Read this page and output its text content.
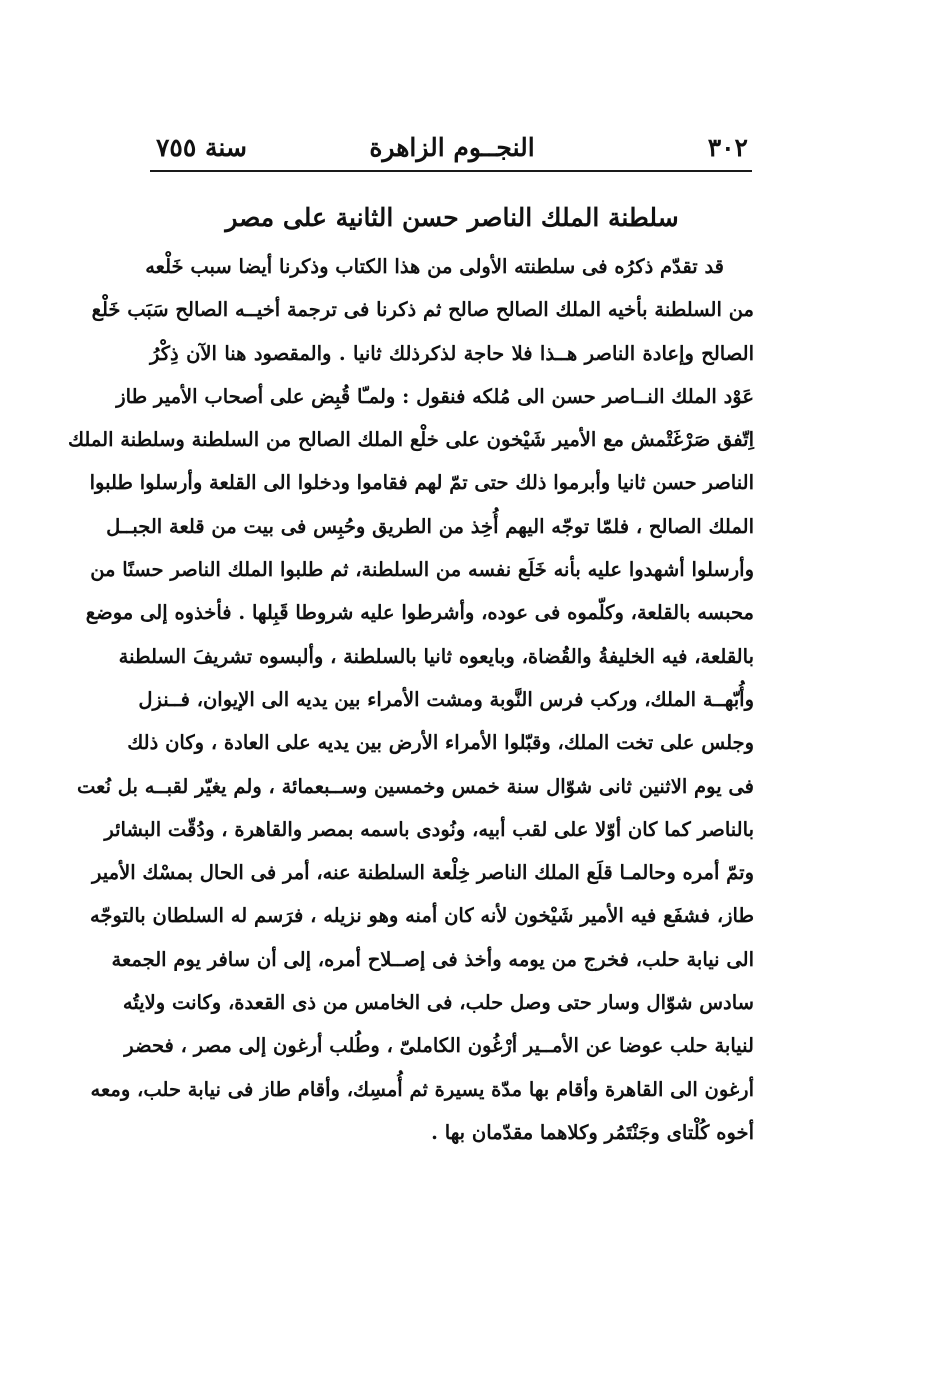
٣٠٢
النجــوم الزاهرة
سنة ٧٥٥
سلطنة الملك الناصر حسن الثانية على مصر
قد تقدّم ذكرُه فى سلطنته الأولى من هذا الكتاب وذكرنا أيضا سبب خَلْعه
من السلطنة بأخيه الملك الصالح صالح ثم ذكرنا فى ترجمة أخيــه الصالح سَبَب خَلْع
الصالح وإعادة الناصر هــذا فلا حاجة لذكرذلك ثانيا . والمقصود هنا الآن ذِكْرُ
عَوْد الملك النــاصر حسن الى مُلكه فنقول : ولمـّا قُبِض على أصحاب الأمير طاز
اِتّفق صَرْغَتْمش مع الأمير شَيْخون على خلْع الملك الصالح من السلطنة وسلطنة الملك
الناصر حسن ثانيا وأبرموا ذلك حتى تمّ لهم فقاموا ودخلوا الى القلعة وأرسلوا طلبوا
الملك الصالح ، فلمّا توجّه اليهم أُخِذ من الطريق وحُبِس فى بيت من قلعة الجبــل
وأرسلوا أشهدوا عليه بأنه خَلَع نفسه من السلطنة، ثم طلبوا الملك الناصر حسنًا من
محبسه بالقلعة، وكلّموه فى عوده، وأشرطوا عليه شروطا قَبِلها . فأخذوه إلى موضع
بالقلعة، فيه الخليفةُ والقُضاة، وبايعوه ثانيا بالسلطنة ، وألبسوه تشريفَ السلطنة
وأُبّهــة الملك، وركب فرس النَّوبة ومشت الأمراء بين يديه الى الإيوان، فــنزل
وجلس على تخت الملك، وقبّلوا الأمراء الأرض بين يديه على العادة ، وكان ذلك
فى يوم الاثنين ثانى شوّال سنة خمس وخمسين وســبعمائة ، ولم يغيّر لقبــه بل نُعت
بالناصر كما كان أوّلا على لقب أبيه، ونُودى باسمه بمصر والقاهرة ، ودُقّت البشائر
وتمّ أمره وحالمـا قلَع الملك الناصر خِلْعة السلطنة عنه، أمر فى الحال بمسْك الأمير
طاز، فشفَع فيه الأمير شَيْخون لأنه كان أمنه وهو نزيله ، فرَسم له السلطان بالتوجّه
الى نيابة حلب، فخرج من يومه وأخذ فى إصــلاح أمره، إلى أن سافر يوم الجمعة
سادس شوّال وسار حتى وصل حلب، فى الخامس من ذى القعدة، وكانت ولايتُه
لنيابة حلب عوضا عن الأمــير أرْغُون الكاملىّ ، وطُلب أرغون إلى مصر ، فحضر
أرغون الى القاهرة وأقام بها مدّة يسيرة ثم أُمسِك، وأقام طاز فى نيابة حلب، ومعه
أخوه كُلْتاى وجَنْتَمُر وكلاهما مقدّمان بها .
